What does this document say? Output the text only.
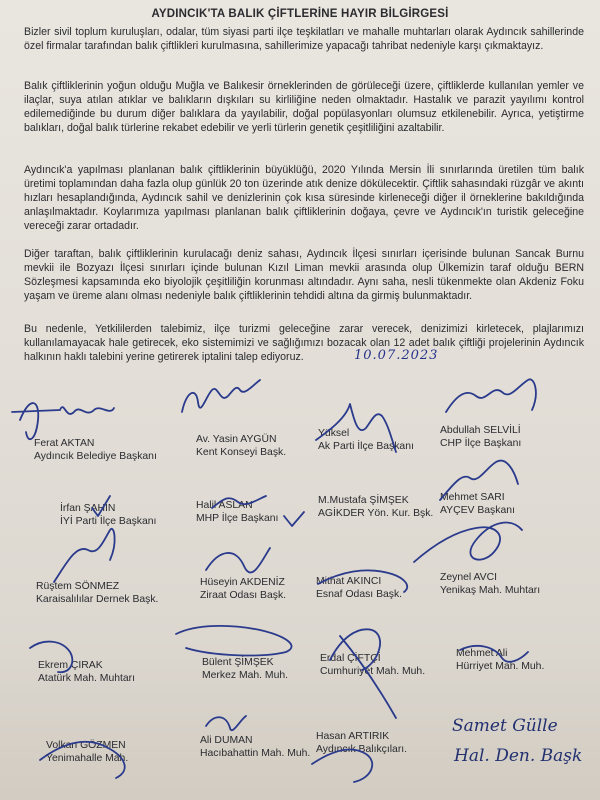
AYDINCIK'TA BALIK ÇİFTLERİNE HAYIR BİLGİRGESİ

Bizler sivil toplum kuruluşları, odalar, tüm siyasi parti ilçe teşkilatları ve mahalle muhtarları olarak Aydıncık sahillerinde özel firmalar tarafından balık çiftlikleri kurulmasına, sahillerimize yapacağı tahribat nedeniyle karşı çıkmaktayız.

Balık çiftliklerinin yoğun olduğu Muğla ve Balıkesir örneklerinden de görüleceği üzere, çiftliklerde kullanılan yemler ve ilaçlar, suya atılan atıklar ve balıkların dışkıları su kirliliğine neden olmaktadır. Hastalık ve parazit yayılımı kontrol edilemediğinde bu durum diğer balıklara da yayılabilir, doğal popülasyonları olumsuz etkilenebilir. Ayrıca, yetiştirme balıkları, doğal balık türlerine rekabet edebilir ve yerli türlerin genetik çeşitliliğini azaltabilir.

Aydıncık'a yapılması planlanan balık çiftliklerinin büyüklüğü, 2020 Yılında Mersin İli sınırlarında üretilen tüm balık üretimi toplamından daha fazla olup günlük 20 ton üzerinde atık denize dökülecektir. Çiftlik sahasındaki rüzgâr ve akıntı hızları hesaplandığında, Aydıncık sahil ve denizlerinin çok kısa süresinde kirleneceği diğer il örneklerine bakıldığında anlaşılmaktadır. Koylarımıza yapılması planlanan balık çiftliklerinin doğaya, çevre ve Aydıncık'ın turistik geleceğine vereceği zarar ortadadır.

Diğer taraftan, balık çiftliklerinin kurulacağı deniz sahası, Aydıncık İlçesi sınırları içerisinde bulunan Sancak Burnu mevkii ile Bozyazı İlçesi sınırları içinde bulunan Kızıl Liman mevkii arasında olup Ülkemizin taraf olduğu BERN Sözleşmesi kapsamında eko biyolojik çeşitliliğin korunması altındadır. Aynı saha, nesli tükenmekte olan Akdeniz Foku yaşam ve üreme alanı olması nedeniyle balık çiftliklerinin tehdidi altına da girmiş bulunmaktadır.

Bu nedenle, Yetkililerden talebimiz, ilçe turizmi geleceğine zarar verecek, denizimizi kirletecek, plajlarımızı kullanılamayacak hale getirecek, eko sistemimizi ve sağlığımızı bozacak olan 12 adet balık çiftliği projelerinin Aydıncık halkının haklı talebini yerine getirerek iptalini talep ediyoruz.	10.07.2023
Ferat AKTAN
Aydıncık Belediye Başkanı
Av. Yasin AYGÜN
Kent Konseyi Başk.
Yüksel
Ak Parti İlçe Başkanı
Abdullah SELVİLİ
CHP İlçe Başkanı
İrfan ŞAHİN
İYİ Parti İlçe Başkanı
Halil ASLAN
MHP İlçe Başkanı
M.Mustafa ŞİMŞEK
AGİKDER Yön. Kur. Bşk.
Mehmet SARI
AYÇEV Başkanı
Rüştem SÖNMEZ
Karaisalılılar Dernek Başk.
Hüseyin AKDENİZ
Ziraat Odası Başk.
Mithat AKINCI
Esnaf Odası Başk.
Zeynel AVCI
Yenikaş Mah. Muhtarı
Ekrem ÇIRAK
Atatürk Mah. Muhtarı
Bülent ŞİMŞEK
Merkez Mah. Muh.
Erdal ÇİFTÇİ
Cumhuriyet Mah. Muh.
Mehmet Ali
Hürriyet Mah. Muh.
Volkan GÖZMEN
Yenimahalle Mah.
Ali DUMAN
Hacıbahattin Mah. Muh.
Hasan ARTIRIK
Aydıncık Balıkçıları.
Samet Gülle
Hal. Den. Başk
